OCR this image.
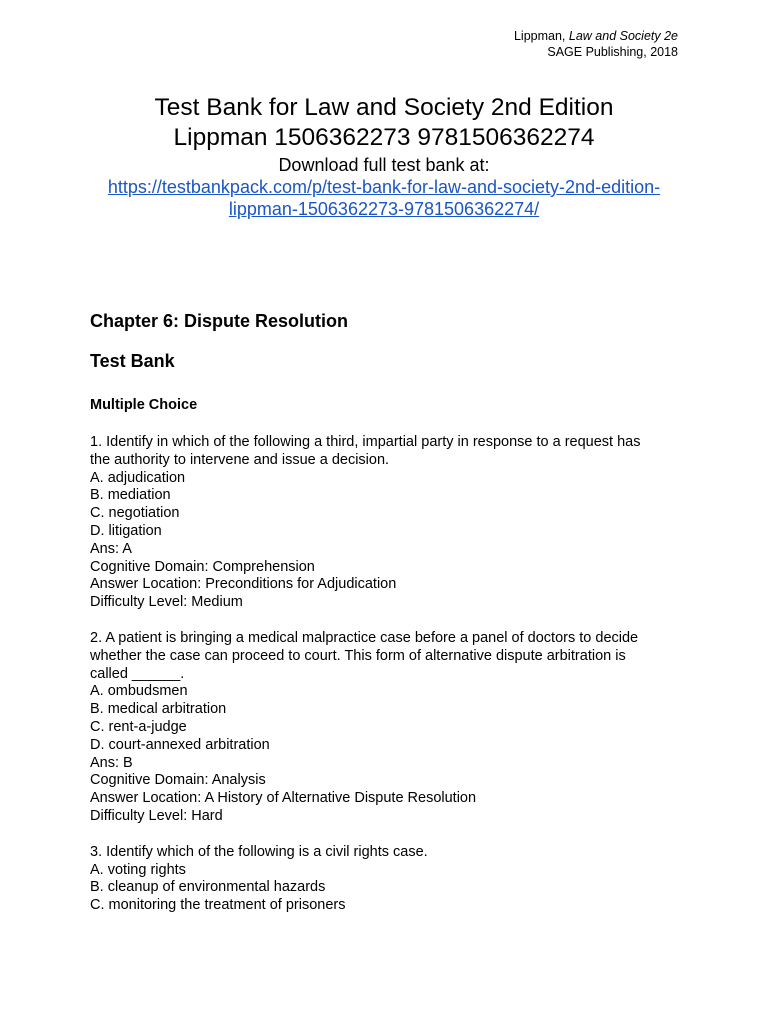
Lippman, Law and Society 2e
SAGE Publishing, 2018
Test Bank for Law and Society 2nd Edition
Lippman 1506362273 9781506362274
Download full test bank at:
https://testbankpack.com/p/test-bank-for-law-and-society-2nd-edition-
lippman-1506362273-9781506362274/
Chapter 6: Dispute Resolution
Test Bank
Multiple Choice
1. Identify in which of the following a third, impartial party in response to a request has
the authority to intervene and issue a decision.
A. adjudication
B. mediation
C. negotiation
D. litigation
Ans: A
Cognitive Domain: Comprehension
Answer Location: Preconditions for Adjudication
Difficulty Level: Medium
2. A patient is bringing a medical malpractice case before a panel of doctors to decide
whether the case can proceed to court. This form of alternative dispute arbitration is
called ______.
A. ombudsmen
B. medical arbitration
C. rent-a-judge
D. court-annexed arbitration
Ans: B
Cognitive Domain: Analysis
Answer Location: A History of Alternative Dispute Resolution
Difficulty Level: Hard
3. Identify which of the following is a civil rights case.
A. voting rights
B. cleanup of environmental hazards
C. monitoring the treatment of prisoners
